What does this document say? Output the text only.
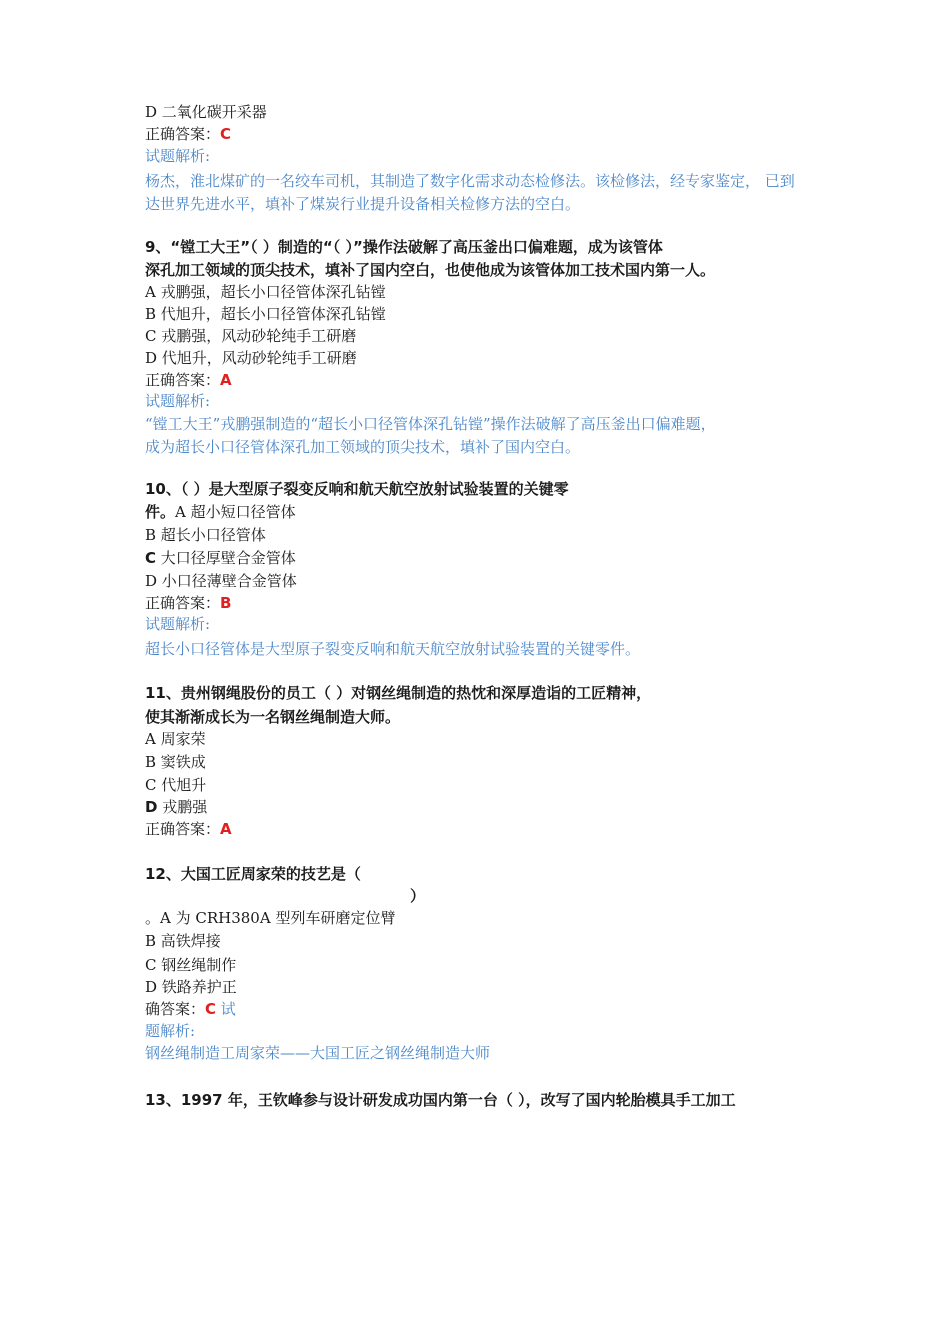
D 二氧化碳开采器
正确答案：C
试题解析:
杨杰，淮北煤矿的一名绞车司机，其制造了数字化需求动态检修法。该检修法，经专家鉴定， 已到
达世界先进水平，填补了煤炭行业提升设备相关检修方法的空白。
9、“镗工大王”（ ）制造的“（ ）”操作法破解了高压釜出口偏难题，成为该管体
深孔加工领域的顶尖技术，填补了国内空白，也使他成为该管体加工技术国内第一人。
A 戎鹏强，超长小口径管体深孔钻镗
B 代旭升，超长小口径管体深孔钻镗
C 戎鹏强，风动砂轮纯手工研磨
D 代旭升，风动砂轮纯手工研磨
正确答案：A
试题解析:
“镗工大王”戎鹏强制造的“超长小口径管体深孔钻镗”操作法破解了高压釜出口偏难题，
成为超长小口径管体深孔加工领域的顶尖技术，填补了国内空白。
10、（ ）是大型原子裂变反响和航天航空放射试验装置的关键零
件。A 超小短口径管体
B 超长小口径管体
C 大口径厚壁合金管体
D 小口径薄壁合金管体
正确答案：B
试题解析:
超长小口径管体是大型原子裂变反响和航天航空放射试验装置的关键零件。
11、贵州钢绳股份的员工（ ）对钢丝绳制造的热忱和深厚造诣的工匠精神，
使其渐渐成长为一名钢丝绳制造大师。
A 周家荣
B 窦铁成
C 代旭升
D 戎鹏强
正确答案：A
12、大国工匠周家荣的技艺是（
）
。A 为 CRH380A 型列车研磨定位臂
B 高铁焊接
C 钢丝绳制作
D 铁路养护正
确答案：C 试
题解析:
钢丝绳制造工周家荣——大国工匠之钢丝绳制造大师
13、1997 年，王钦峰参与设计研发成功国内第一台（ ），改写了国内轮胎模具手工加工
